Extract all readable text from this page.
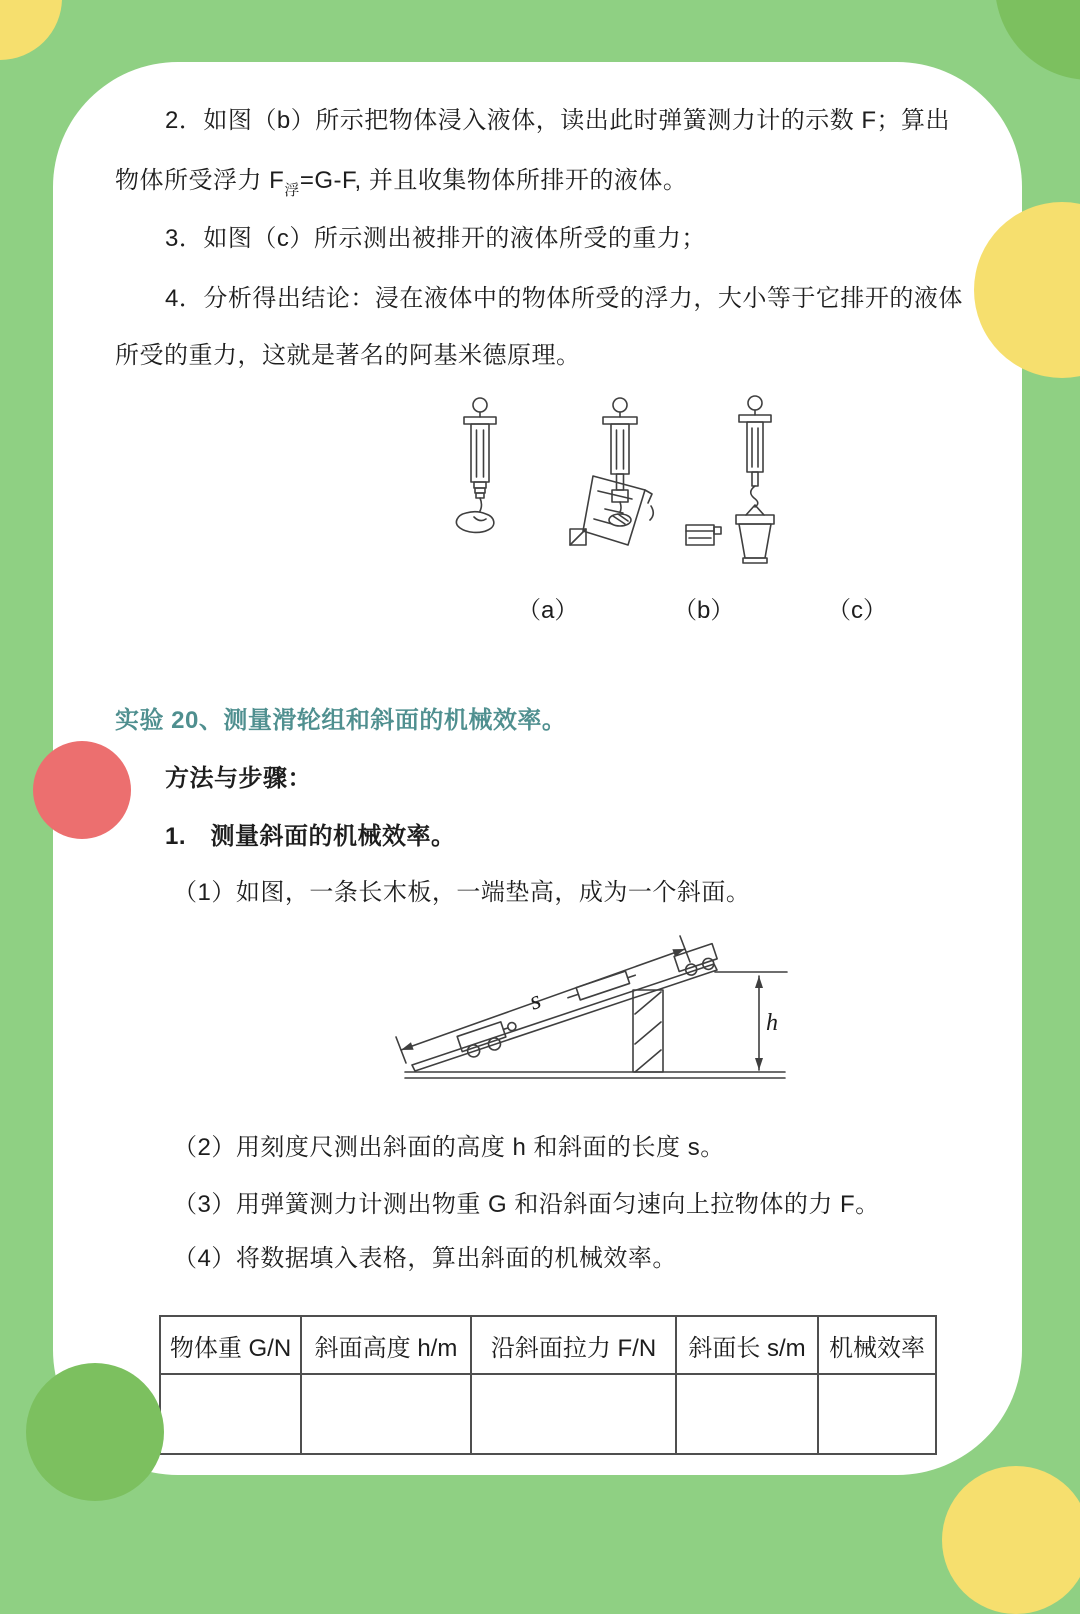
2．如图（b）所示把物体浸入液体，读出此时弹簧测力计的示数 F；算出
物体所受浮力 $F_浮=G-F$, 并且收集物体所排开的液体。
3．如图（c）所示测出被排开的液体所受的重力；
4．分析得出结论：浸在液体中的物体所受的浮力，大小等于它排开的液体
所受的重力，这就是著名的阿基米德原理。
（a）	（b）	（c）
实验 20、测量滑轮组和斜面的机械效率。
方法与步骤：
1.　测量斜面的机械效率。
（1）如图，一条长木板，一端垫高，成为一个斜面。
s
h
（2）用刻度尺测出斜面的高度 h 和斜面的长度 s。
（3）用弹簧测力计测出物重 G 和沿斜面匀速向上拉物体的力 F。
（4）将数据填入表格，算出斜面的机械效率。
物体重 G/N	斜面高度 h/m	沿斜面拉力 F/N	斜面长 s/m	机械效率
